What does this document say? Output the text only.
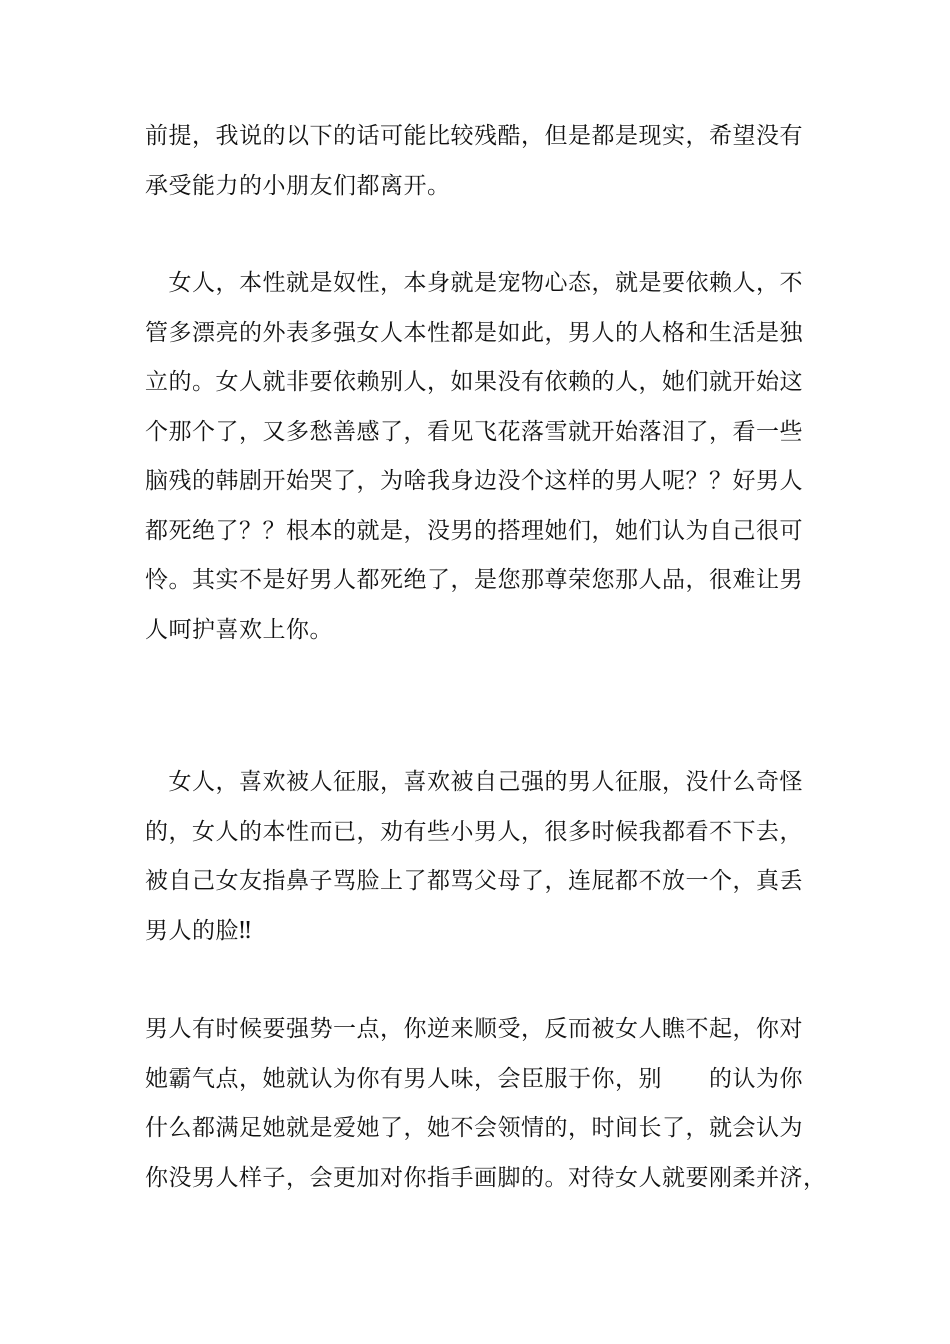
前提，我说的以下的话可能比较残酷，但是都是现实，希望没有
承受能力的小朋友们都离开。
　女人，本性就是奴性，本身就是宠物心态，就是要依赖人，不
管多漂亮的外表多强女人本性都是如此，男人的人格和生活是独
立的。女人就非要依赖别人，如果没有依赖的人，她们就开始这
个那个了，又多愁善感了，看见飞花落雪就开始落泪了，看一些
脑残的韩剧开始哭了，为啥我身边没个这样的男人呢？？好男人
都死绝了？？根本的就是，没男的搭理她们，她们认为自己很可
怜。其实不是好男人都死绝了，是您那尊荣您那人品，很难让男
人呵护喜欢上你。
　女人，喜欢被人征服，喜欢被自己强的男人征服，没什么奇怪
的，女人的本性而已，劝有些小男人，很多时候我都看不下去，
被自己女友指鼻子骂脸上了都骂父母了，连屁都不放一个，真丢
男人的脸‼
男人有时候要强势一点，你逆来顺受，反而被女人瞧不起，你对
她霸气点，她就认为你有男人味，会臣服于你，别　　的认为你
什么都满足她就是爱她了，她不会领情的，时间长了，就会认为
你没男人样子，会更加对你指手画脚的。对待女人就要刚柔并济，
